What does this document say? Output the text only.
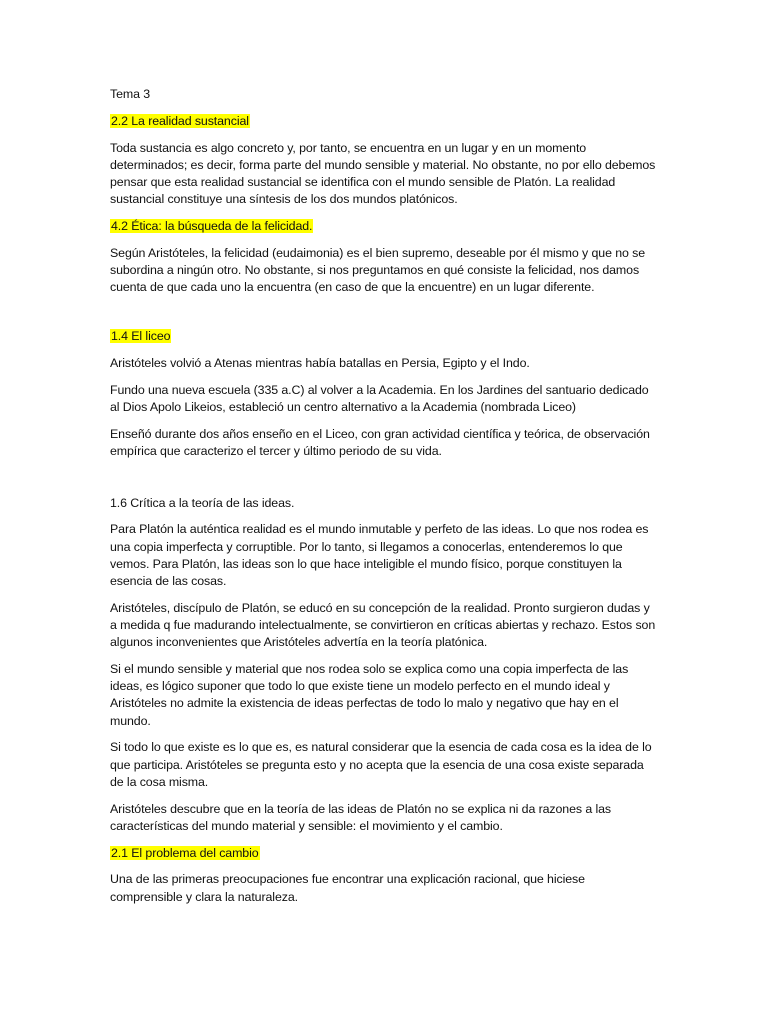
Tema 3

2.2 La realidad sustancial

Toda sustancia es algo concreto y, por tanto, se encuentra en un lugar y en un momento determinados; es decir, forma parte del mundo sensible y material. No obstante, no por ello debemos pensar que esta realidad sustancial se identifica con el mundo sensible de Platón. La realidad sustancial constituye una síntesis de los dos mundos platónicos.

4.2 Ética: la búsqueda de la felicidad.

Según Aristóteles, la felicidad (eudaimonia) es el bien supremo, deseable por él mismo y que no se subordina a ningún otro. No obstante, si nos preguntamos en qué consiste la felicidad, nos damos cuenta de que cada uno la encuentra (en caso de que la encuentre) en un lugar diferente.

1.4 El liceo

Aristóteles volvió a Atenas mientras había batallas en Persia, Egipto y el Indo.

Fundo una nueva escuela (335 a.C) al volver a la Academia. En los Jardines del santuario dedicado al Dios Apolo Likeios, estableció un centro alternativo a la Academia (nombrada Liceo)

Enseñó durante dos años enseño en el Liceo, con gran actividad científica y teórica, de observación empírica que caracterizo el tercer y último periodo de su vida.

1.6 Crítica a la teoría de las ideas.

Para Platón la auténtica realidad es el mundo inmutable y perfeto de las ideas. Lo que nos rodea es una copia imperfecta y corruptible. Por lo tanto, si llegamos a conocerlas, entenderemos lo que vemos. Para Platón, las ideas son lo que hace inteligible el mundo físico, porque constituyen la esencia de las cosas.

Aristóteles, discípulo de Platón, se educó en su concepción de la realidad. Pronto surgieron dudas y a medida q fue madurando intelectualmente, se convirtieron en críticas abiertas y rechazo. Estos son algunos inconvenientes que Aristóteles advertía en la teoría platónica.

Si el mundo sensible y material que nos rodea solo se explica como una copia imperfecta de las ideas, es lógico suponer que todo lo que existe tiene un modelo perfecto en el mundo ideal y Aristóteles no admite la existencia de ideas perfectas de todo lo malo y negativo que hay en el mundo.

Si todo lo que existe es lo que es, es natural considerar que la esencia de cada cosa es la idea de lo que participa. Aristóteles se pregunta esto y no acepta que la esencia de una cosa existe separada de la cosa misma.

Aristóteles descubre que en la teoría de las ideas de Platón no se explica ni da razones a las características del mundo material y sensible: el movimiento y el cambio.

2.1 El problema del cambio

Una de las primeras preocupaciones fue encontrar una explicación racional, que hiciese comprensible y clara la naturaleza.
